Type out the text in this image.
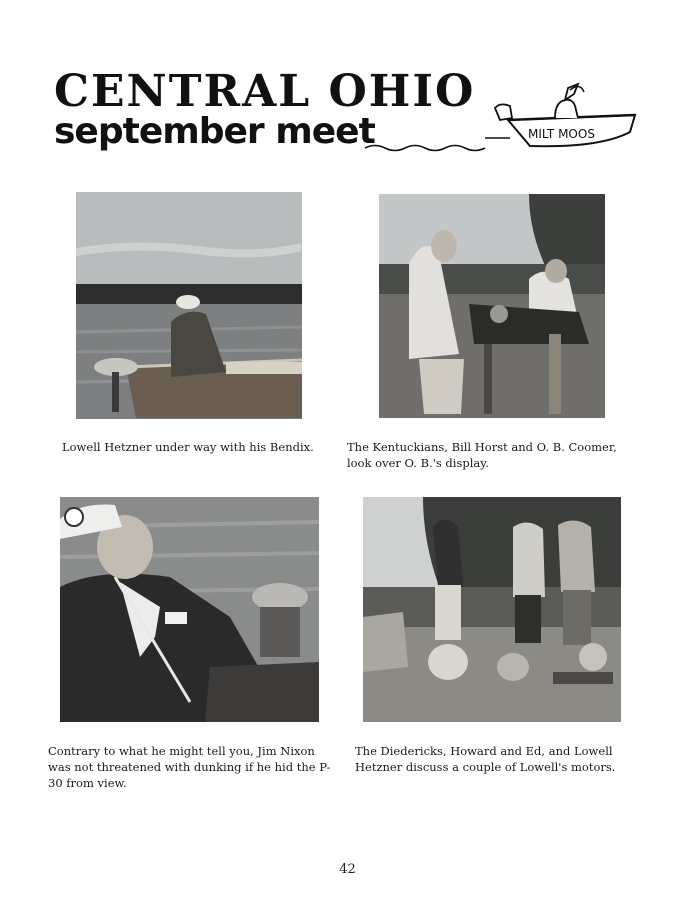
CENTRAL OHIO
september meet	MILT MOOS
Lowell Hetzner under way with his Bendix.	The Kentuckians, Bill Horst and O. B. Coomer, look over O. B.'s display.
Contrary to what he might tell you, Jim Nixon was not threatened with dunking if he hid the P-30 from view.
The Diedericks, Howard and Ed, and Lowell Hetzner discuss a couple of Lowell's motors.
42
